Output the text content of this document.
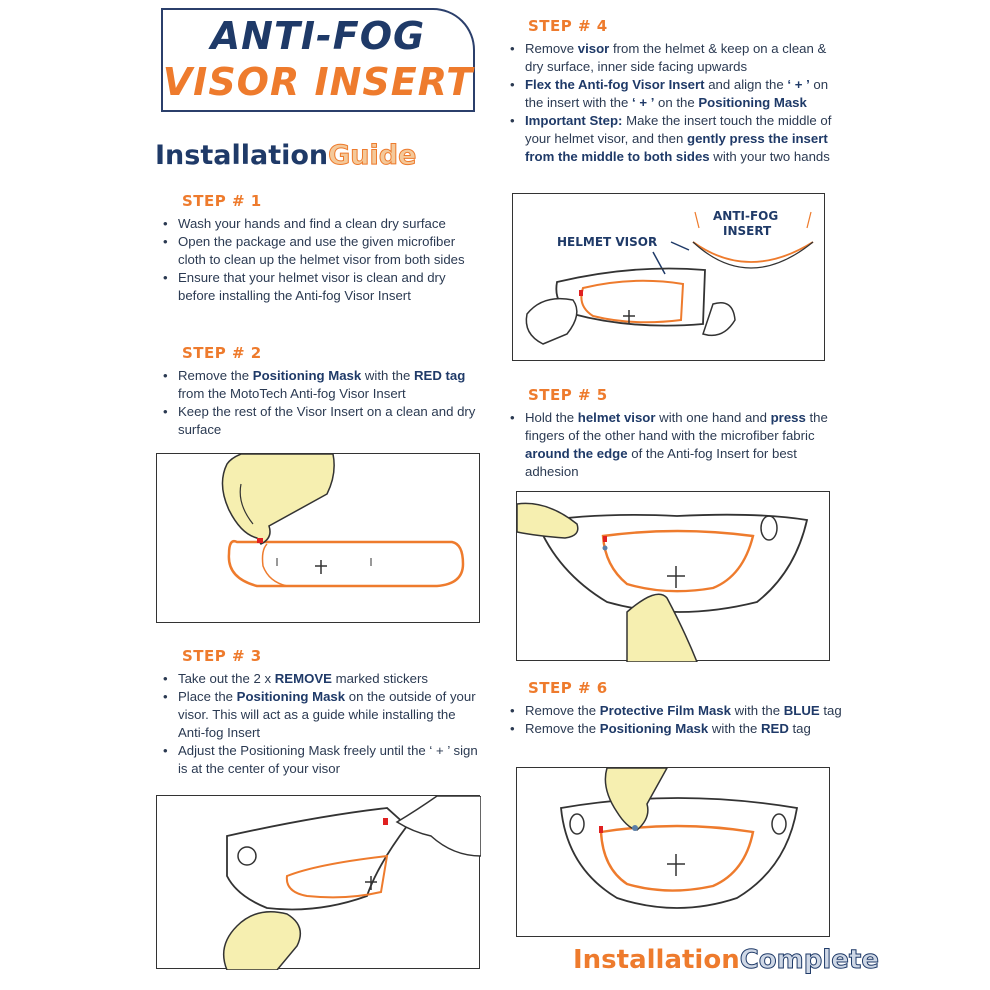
ANTI-FOG
VISOR INSERT
InstallationGuide
STEP # 1
• Wash your hands and find a clean dry surface
• Open the package and use the given microfiber cloth to clean up the helmet visor from both sides
• Ensure that your helmet visor is clean and dry before installing the Anti-fog Visor Insert
STEP # 2
• Remove the Positioning Mask with the RED tag from the MotoTech Anti-fog Visor Insert
• Keep the rest of the Visor Insert on a clean and dry surface
STEP # 3
• Take out the 2 x REMOVE marked stickers
• Place the Positioning Mask on the outside of your visor. This will act as a guide while installing the Anti-fog Insert
• Adjust the Positioning Mask freely until the ‘ + ’ sign is at the center of your visor
STEP # 4
• Remove visor from the helmet & keep on a clean & dry surface, inner side facing upwards
• Flex the Anti-fog Visor Insert and align the ‘ + ’ on the insert with the ‘ + ’ on the Positioning Mask
• Important Step: Make the insert touch the middle of your helmet visor, and then gently press the insert from the middle to both sides with your two hands
ANTI-FOG
INSERT
HELMET VISOR
STEP # 5
• Hold the helmet visor with one hand and press the fingers of the other hand with the microfiber fabric around the edge of the Anti-fog Insert for best adhesion
STEP # 6
• Remove the Protective Film Mask with the BLUE tag
• Remove the Positioning Mask with the RED tag
InstallationComplete
